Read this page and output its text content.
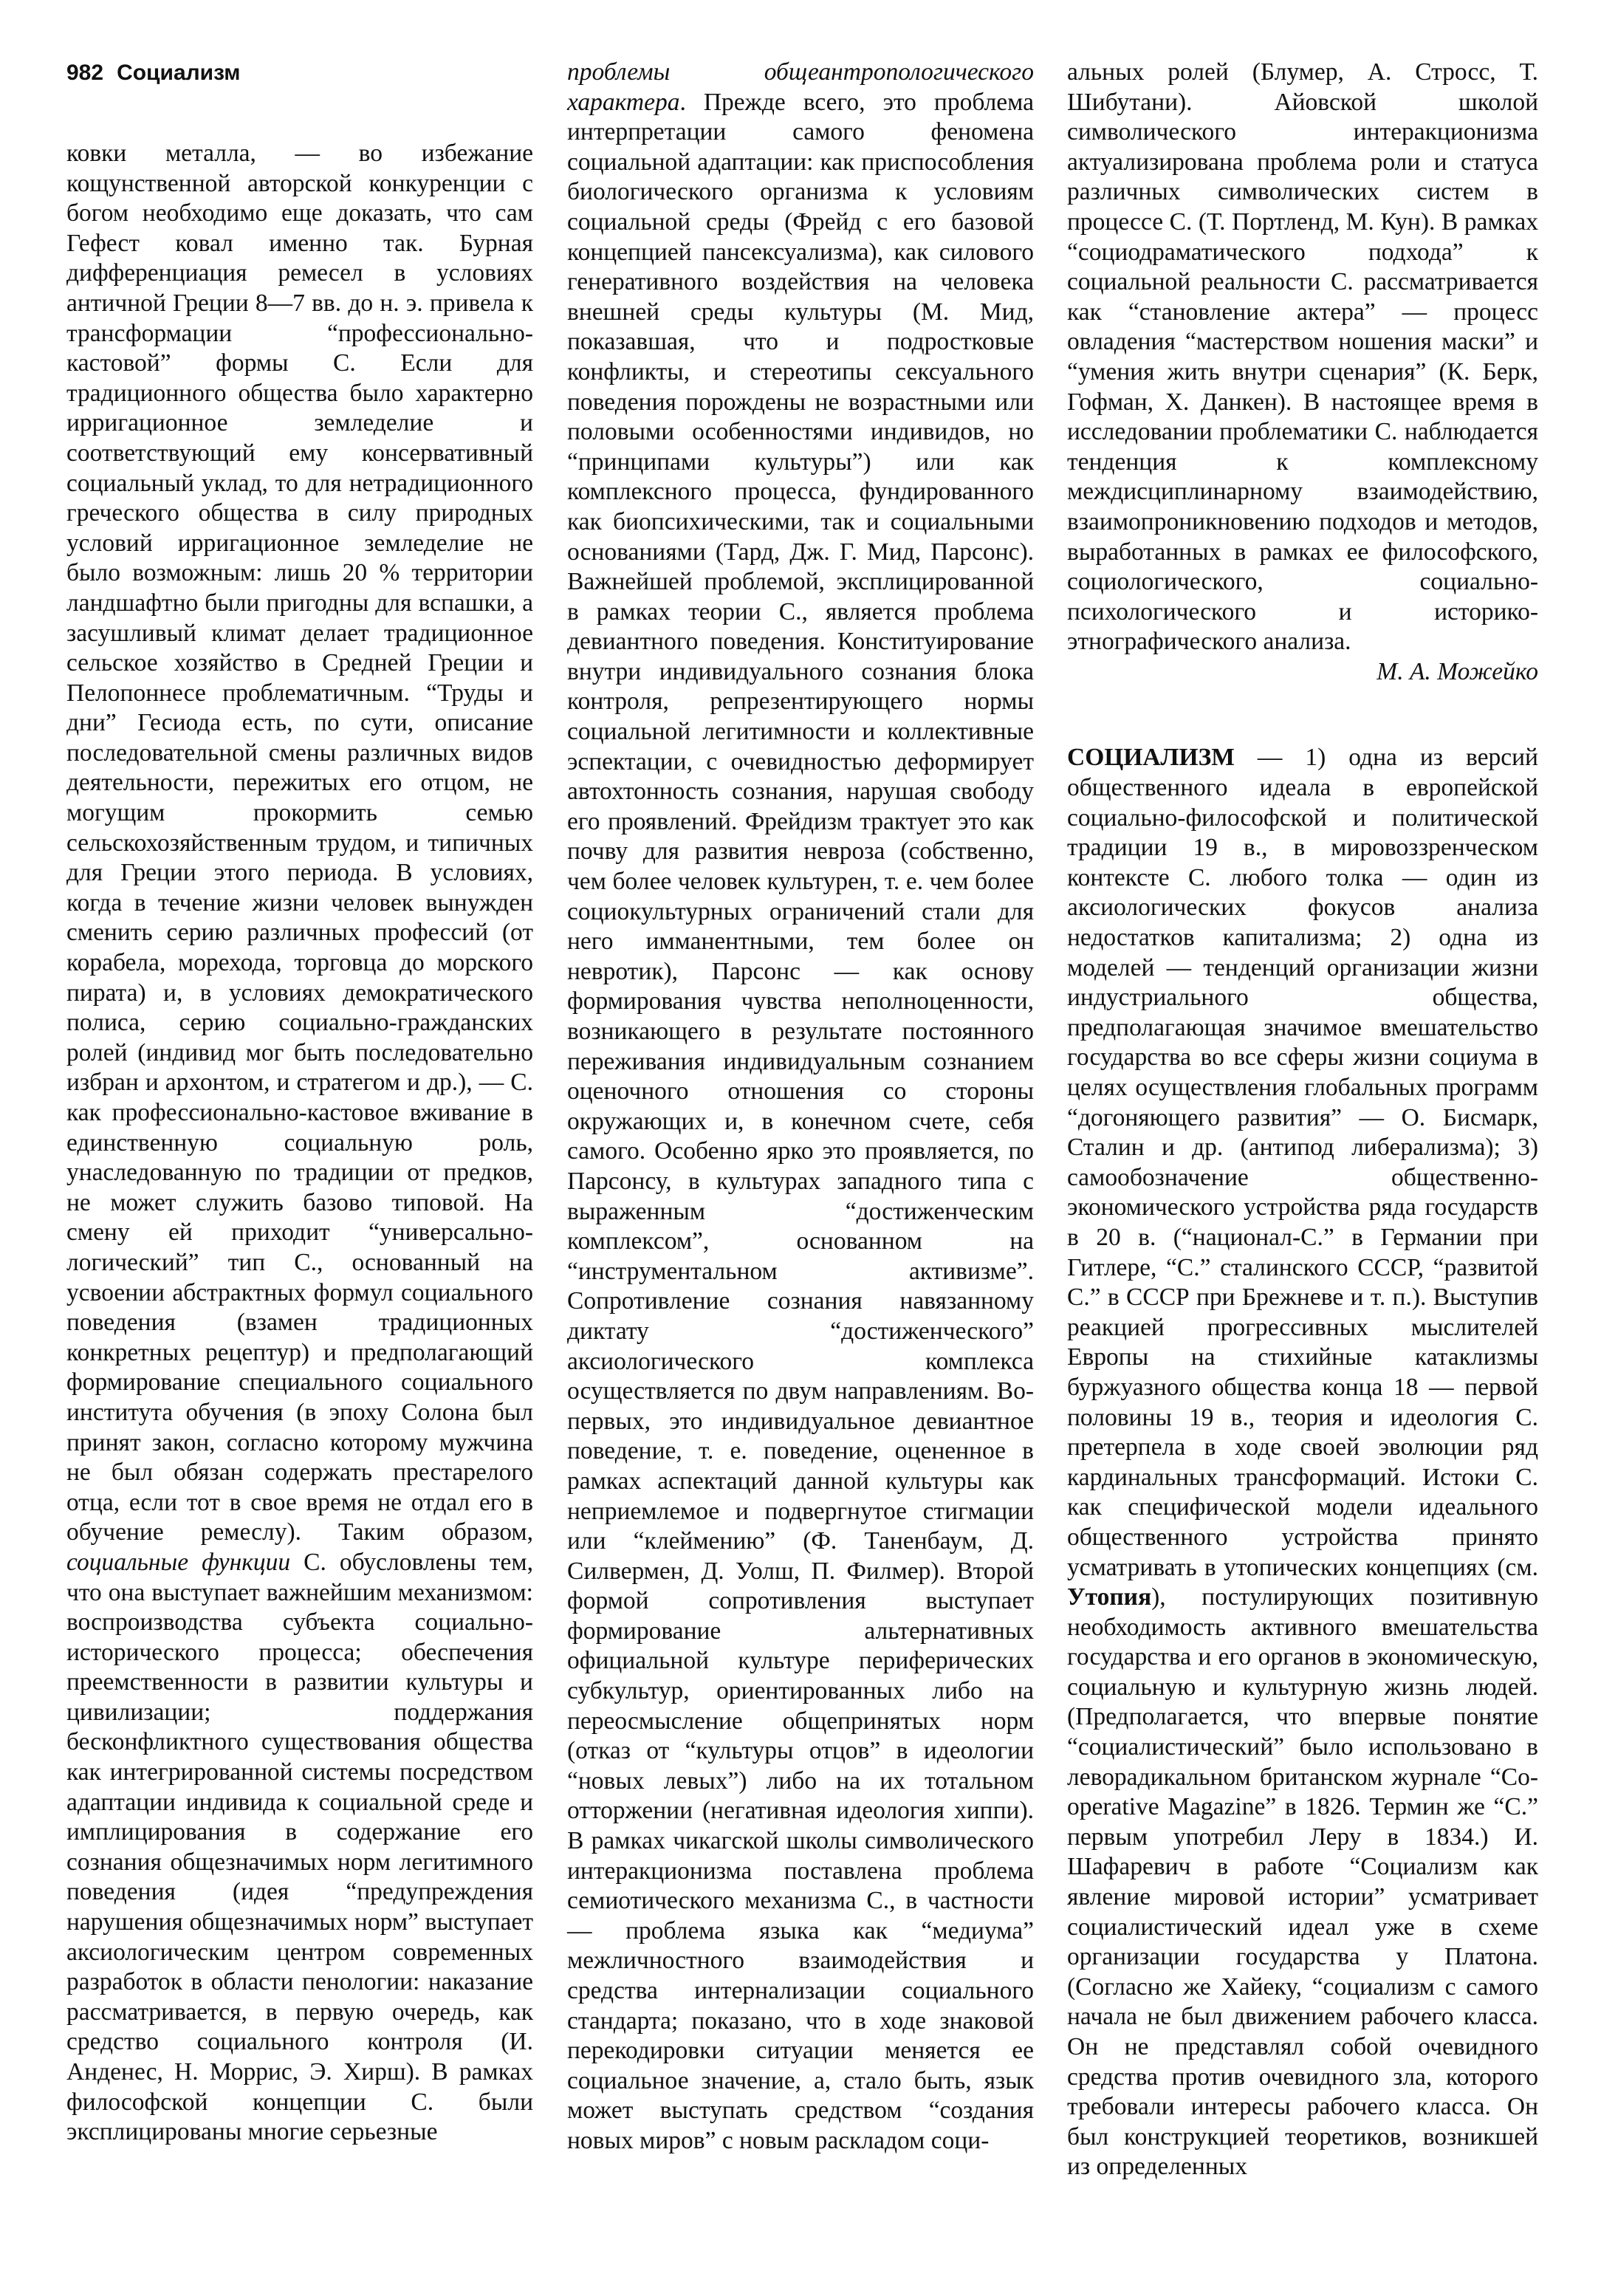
982 Социализм

ковки металла, — во избежание кощунственной авторской конкуренции с богом необходимо еще доказать, что сам Гефест ковал именно так. Бурная дифференциация ремесел в условиях античной Греции 8—7 вв. до н. э. привела к трансформации “профессионально-кастовой” формы С. Если для традиционного общества было характерно ирригационное земледелие и соответствующий ему консервативный социальный уклад, то для нетрадиционного греческого общества в силу природных условий ирригационное земледелие не было возможным: лишь 20 % территории ландшафтно были пригодны для вспашки, а засушливый климат делает традиционное сельское хозяйство в Средней Греции и Пелопоннесе проблематичным. “Труды и дни” Гесиода есть, по сути, описание последовательной смены различных видов деятельности, пережитых его отцом, не могущим прокормить семью сельскохозяйственным трудом, и типичных для Греции этого периода. В условиях, когда в течение жизни человек вынужден сменить серию различных профессий (от корабела, морехода, торговца до морского пирата) и, в условиях демократического полиса, серию социально-гражданских ролей (индивид мог быть последовательно избран и архонтом, и стратегом и др.), — С. как профессионально-кастовое вживание в единственную социальную роль, унаследованную по традиции от предков, не может служить базово типовой. На смену ей приходит “универсально-логический” тип С., основанный на усвоении абстрактных формул социального поведения (взамен традиционных конкретных рецептур) и предполагающий формирование специального социального института обучения (в эпоху Солона был принят закон, согласно которому мужчина не был обязан содержать престарелого отца, если тот в свое время не отдал его в обучение ремеслу). Таким образом, социальные функции С. обусловлены тем, что она выступает важнейшим механизмом: воспроизводства субъекта социально-исторического процесса; обеспечения преемственности в развитии культуры и цивилизации; поддержания бесконфликтного существования общества как интегрированной системы посредством адаптации индивида к социальной среде и имплицирования в содержание его сознания общезначимых норм легитимного поведения (идея “предупреждения нарушения общезначимых норм” выступает аксиологическим центром современных разработок в области пенологии: наказание рассматривается, в первую очередь, как средство социального контроля (И. Анденес, Н. Моррис, Э. Хирш). В рамках философской концепции С. были эксплицированы многие серьезные

проблемы общеантропологического характера. Прежде всего, это проблема интерпретации самого феномена социальной адаптации: как приспособления биологического организма к условиям социальной среды (Фрейд с его базовой концепцией пансексуализма), как силового генеративного воздействия на человека внешней среды культуры (М. Мид, показавшая, что и подростковые конфликты, и стереотипы сексуального поведения порождены не возрастными или половыми особенностями индивидов, но “принципами культуры”) или как комплексного процесса, фундированного как биопсихическими, так и социальными основаниями (Тард, Дж. Г. Мид, Парсонс). Важнейшей проблемой, эксплицированной в рамках теории С., является проблема девиантного поведения. Конституирование внутри индивидуального сознания блока контроля, репрезентирующего нормы социальной легитимности и коллективные эспектации, с очевидностью деформирует автохтонность сознания, нарушая свободу его проявлений. Фрейдизм трактует это как почву для развития невроза (собственно, чем более человек культурен, т. е. чем более социокультурных ограничений стали для него имманентными, тем более он невротик), Парсонс — как основу формирования чувства неполноценности, возникающего в результате постоянного переживания индивидуальным сознанием оценочного отношения со стороны окружающих и, в конечном счете, себя самого. Особенно ярко это проявляется, по Парсонсу, в культурах западного типа с выраженным “достиженческим комплексом”, основанном на “инструментальном активизме”. Сопротивление сознания навязанному диктату “достиженческого” аксиологического комплекса осуществляется по двум направлениям. Во-первых, это индивидуальное девиантное поведение, т. е. поведение, оцененное в рамках аспектаций данной культуры как неприемлемое и подвергнутое стигмации или “клеймению” (Ф. Таненбаум, Д. Силвермен, Д. Уолш, П. Филмер). Второй формой сопротивления выступает формирование альтернативных официальной культуре периферических субкультур, ориентированных либо на переосмысление общепринятых норм (отказ от “культуры отцов” в идеологии “новых левых”) либо на их тотальном отторжении (негативная идеология хиппи). В рамках чикагской школы символического интеракционизма поставлена проблема семиотического механизма С., в частности — проблема языка как “медиума” межличностного взаимодействия и средства интернализации социального стандарта; показано, что в ходе знаковой перекодировки ситуации меняется ее социальное значение, а, стало быть, язык может выступать средством “создания новых миров” с новым раскладом соци-

альных ролей (Блумер, А. Стросс, Т. Шибутани). Айовской школой символического интеракционизма актуализирована проблема роли и статуса различных символических систем в процессе С. (Т. Портленд, М. Кун). В рамках “социодраматического подхода” к социальной реальности С. рассматривается как “становление актера” — процесс овладения “мастерством ношения маски” и “умения жить внутри сценария” (К. Берк, Гофман, Х. Данкен). В настоящее время в исследовании проблематики С. наблюдается тенденция к комплексному междисциплинарному взаимодействию, взаимопроникновению подходов и методов, выработанных в рамках ее философского, социологического, социально-психологического и историко-этнографического анализа.

М. А. Можейко

СОЦИАЛИЗМ — 1) одна из версий общественного идеала в европейской социально-философской и политической традиции 19 в., в мировоззренческом контексте С. любого толка — один из аксиологических фокусов анализа недостатков капитализма; 2) одна из моделей — тенденций организации жизни индустриального общества, предполагающая значимое вмешательство государства во все сферы жизни социума в целях осуществления глобальных программ “догоняющего развития” — О. Бисмарк, Сталин и др. (антипод либерализма); 3) самообозначение общественно-экономического устройства ряда государств в 20 в. (“национал-С.” в Германии при Гитлере, “С.” сталинского СССР, “развитой С.” в СССР при Брежневе и т. п.). Выступив реакцией прогрессивных мыслителей Европы на стихийные катаклизмы буржуазного общества конца 18 — первой половины 19 в., теория и идеология С. претерпела в ходе своей эволюции ряд кардинальных трансформаций. Истоки С. как специфической модели идеального общественного устройства принято усматривать в утопических концепциях (см. Утопия), постулирующих позитивную необходимость активного вмешательства государства и его органов в экономическую, социальную и культурную жизнь людей. (Предполагается, что впервые понятие “социалистический” было использовано в леворадикальном британском журнале “Co-operative Magazine” в 1826. Термин же “С.” первым употребил Леру в 1834.) И. Шафаревич в работе “Социализм как явление мировой истории” усматривает социалистический идеал уже в схеме организации государства у Платона. (Согласно же Хайеку, “социализм с самого начала не был движением рабочего класса. Он не представлял собой очевидного средства против очевидного зла, которого требовали интересы рабочего класса. Он был конструкцией теоретиков, возникшей из определенных
